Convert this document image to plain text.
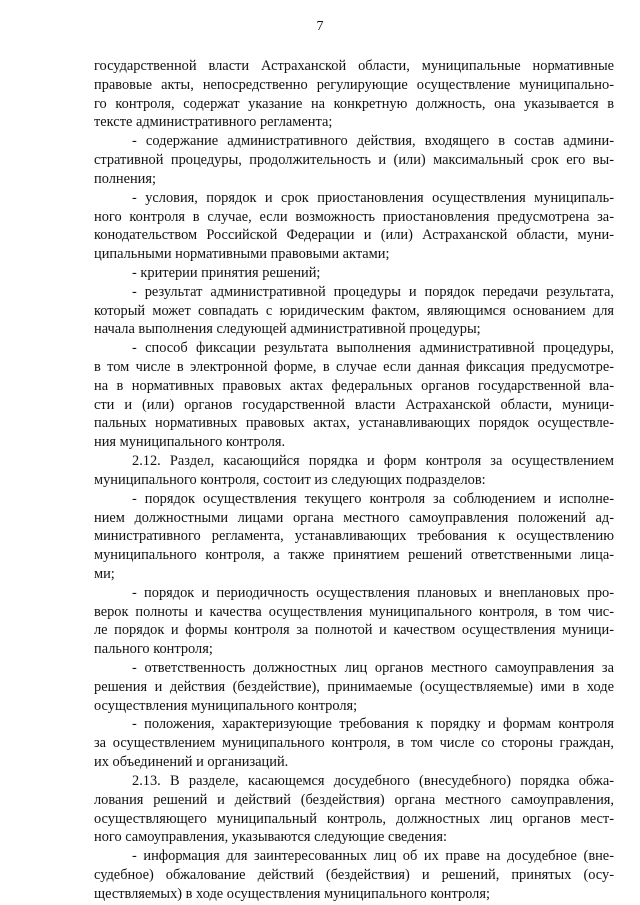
7
государственной власти Астраханской области, муниципальные нормативные
правовые акты, непосредственно регулирующие осуществление муниципально-
го контроля, содержат указание на конкретную должность, она указывается в
тексте административного регламента;
- содержание административного действия, входящего в состав админи-
стративной процедуры, продолжительность и (или) максимальный срок его вы-
полнения;
- условия, порядок и срок приостановления осуществления муниципаль-
ного контроля в случае, если возможность приостановления предусмотрена за-
конодательством Российской Федерации и (или) Астраханской области, муни-
ципальными нормативными правовыми актами;
- критерии принятия решений;
- результат административной процедуры и порядок передачи результата,
который может совпадать с юридическим фактом, являющимся основанием для
начала выполнения следующей административной процедуры;
- способ фиксации результата выполнения административной процедуры,
в том числе в электронной форме, в случае если данная фиксация предусмотре-
на в нормативных правовых актах федеральных органов государственной вла-
сти и (или) органов государственной власти Астраханской области, муници-
пальных нормативных правовых актах, устанавливающих порядок осуществле-
ния муниципального контроля.
2.12. Раздел, касающийся порядка и форм контроля за осуществлением
муниципального контроля, состоит из следующих подразделов:
- порядок осуществления текущего контроля за соблюдением и исполне-
нием должностными лицами органа местного самоуправления положений ад-
министративного регламента, устанавливающих требования к осуществлению
муниципального контроля, а также принятием решений ответственными лица-
ми;
- порядок и периодичность осуществления плановых и внеплановых про-
верок полноты и качества осуществления муниципального контроля, в том чис-
ле порядок и формы контроля за полнотой и качеством осуществления муници-
пального контроля;
- ответственность должностных лиц органов местного самоуправления за
решения и действия (бездействие), принимаемые (осуществляемые) ими в ходе
осуществления муниципального контроля;
- положения, характеризующие требования к порядку и формам контроля
за осуществлением муниципального контроля, в том числе со стороны граждан,
их объединений и организаций.
2.13. В разделе, касающемся досудебного (внесудебного) порядка обжа-
лования решений и действий (бездействия) органа местного самоуправления,
осуществляющего муниципальный контроль, должностных лиц органов мест-
ного самоуправления, указываются следующие сведения:
- информация для заинтересованных лиц об их праве на досудебное (вне-
судебное) обжалование действий (бездействия) и решений, принятых (осу-
ществляемых) в ходе осуществления муниципального контроля;
